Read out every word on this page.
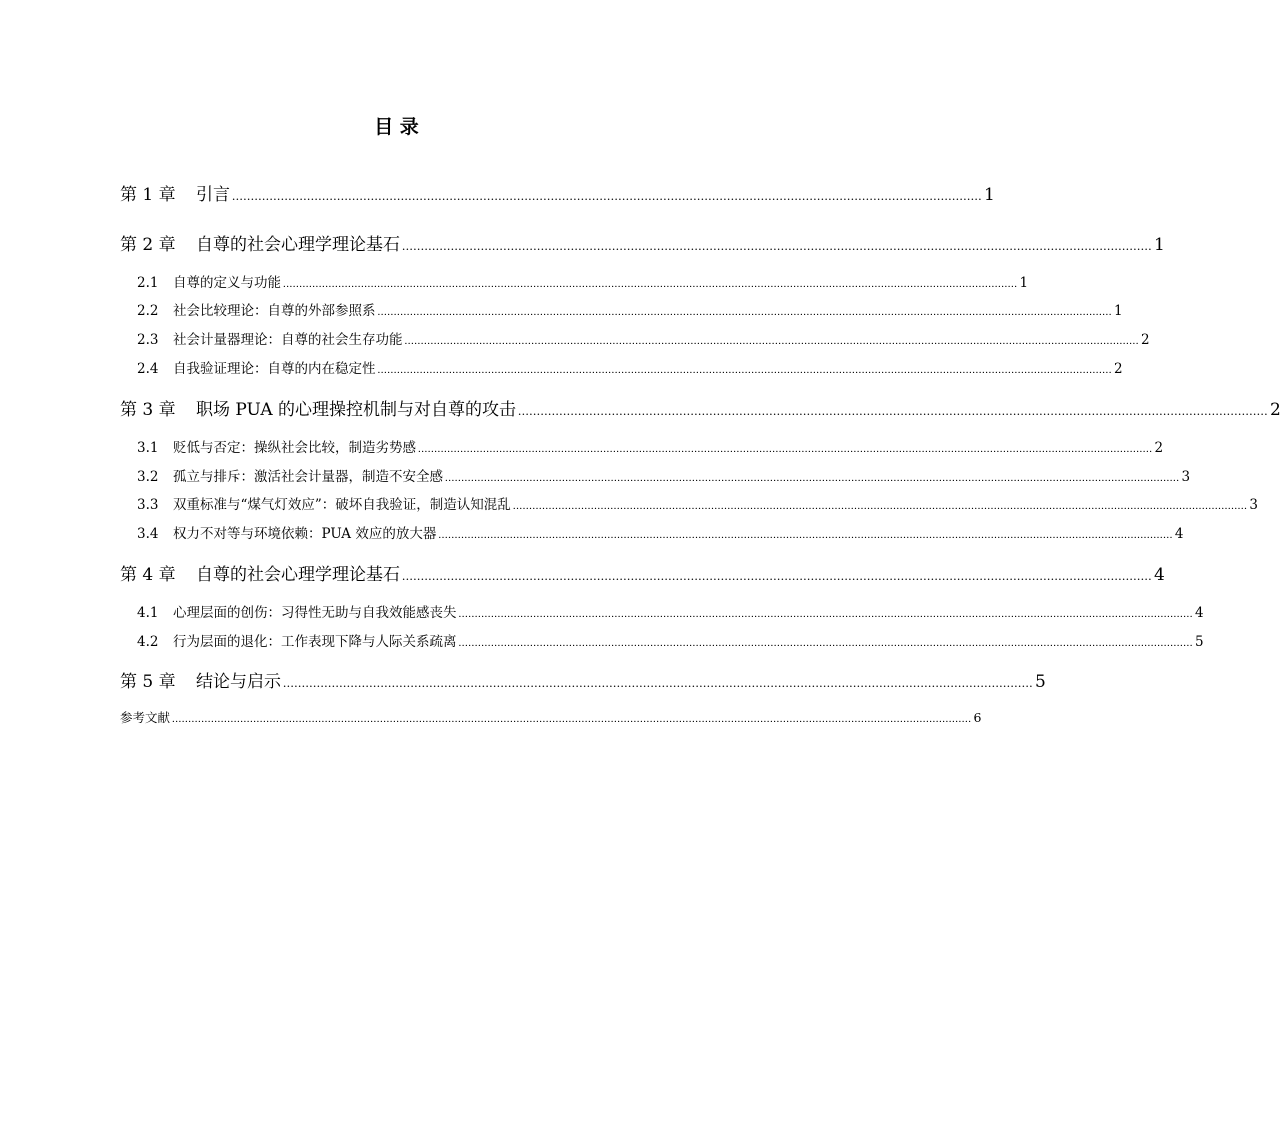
目 录
第 1 章	引言 ........................................................................................................................................................................................................ 1
第 2 章	自尊的社会心理学理论基石 ........................................................................................................................................................................................................ 1
2.1	自尊的定义与功能 .................................................................................................................................................................................................................................. 1
2.2	社会比较理论：自尊的外部参照系 .................................................................................................................................................................................................................................. 1
2.3	社会计量器理论：自尊的社会生存功能 .................................................................................................................................................................................................................................. 2
2.4	自我验证理论：自尊的内在稳定性 .................................................................................................................................................................................................................................. 2
第 3 章	职场 PUA 的心理操控机制与对自尊的攻击 ........................................................................................................................................................................................................ 2
3.1	贬低与否定：操纵社会比较，制造劣势感 .................................................................................................................................................................................................................................. 2
3.2	孤立与排斥：激活社会计量器，制造不安全感 .................................................................................................................................................................................................................................. 3
3.3	双重标准与“煤气灯效应”：破坏自我验证，制造认知混乱 .................................................................................................................................................................................................................................. 3
3.4	权力不对等与环境依赖：PUA 效应的放大器 .................................................................................................................................................................................................................................. 4
第 4 章	自尊的社会心理学理论基石 ........................................................................................................................................................................................................ 4
4.1	心理层面的创伤：习得性无助与自我效能感丧失 .................................................................................................................................................................................................................................. 4
4.2	行为层面的退化：工作表现下降与人际关系疏离 .................................................................................................................................................................................................................................. 5
第 5 章	结论与启示 ........................................................................................................................................................................................................ 5
参考文献 ...................................................................................................................................................................................................................................................... 6
